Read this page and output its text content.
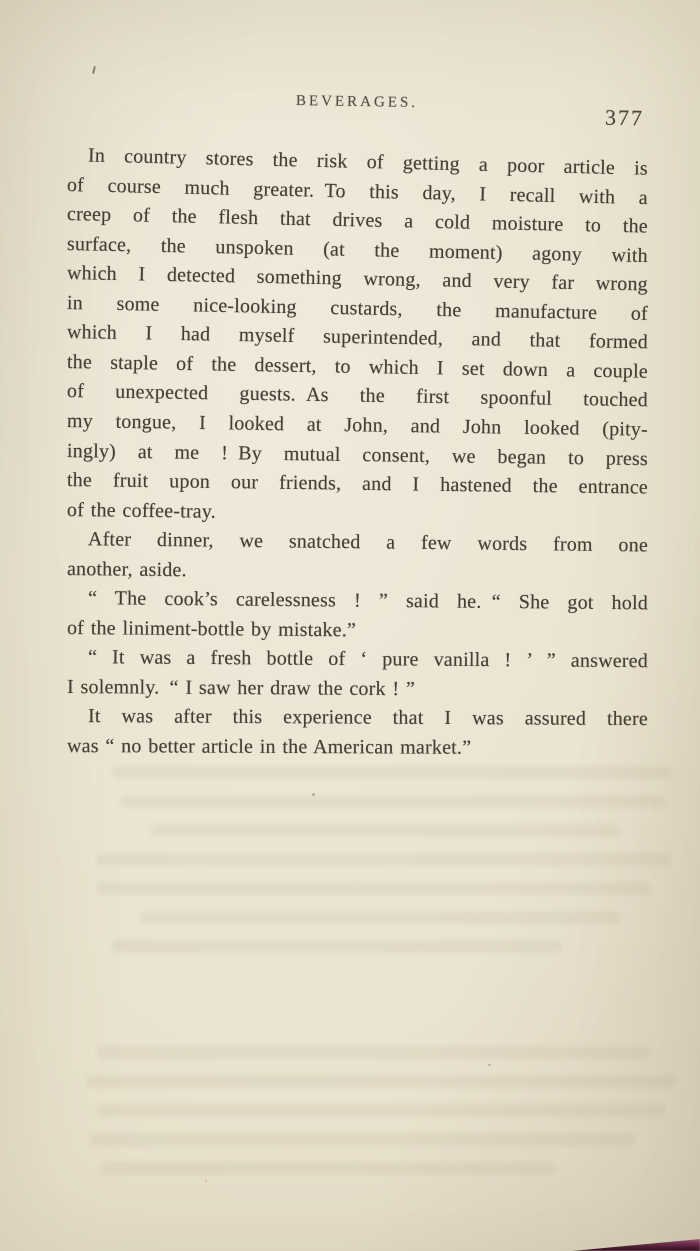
BEVERAGES.
377
In country stores the risk of getting a poor article is
of course much greater. To this day, I recall with a
creep of the flesh that drives a cold moisture to the
surface, the unspoken (at the moment) agony with
which I detected something wrong, and very far wrong
in some nice-looking custards, the manufacture of
which I had myself superintended, and that formed
the staple of the dessert, to which I set down a couple
of unexpected guests. As the first spoonful touched
my tongue, I looked at John, and John looked (pity-
ingly) at me ! By mutual consent, we began to press
the fruit upon our friends, and I hastened the entrance
of the coffee-tray.
After dinner, we snatched a few words from one
another, aside.
“ The cook’s carelessness ! ” said he. “ She got hold
of the liniment-bottle by mistake.”
“ It was a fresh bottle of ‘ pure vanilla ! ’ ” answered
I solemnly. “ I saw her draw the cork ! ”
It was after this experience that I was assured there
was “ no better article in the American market.”
